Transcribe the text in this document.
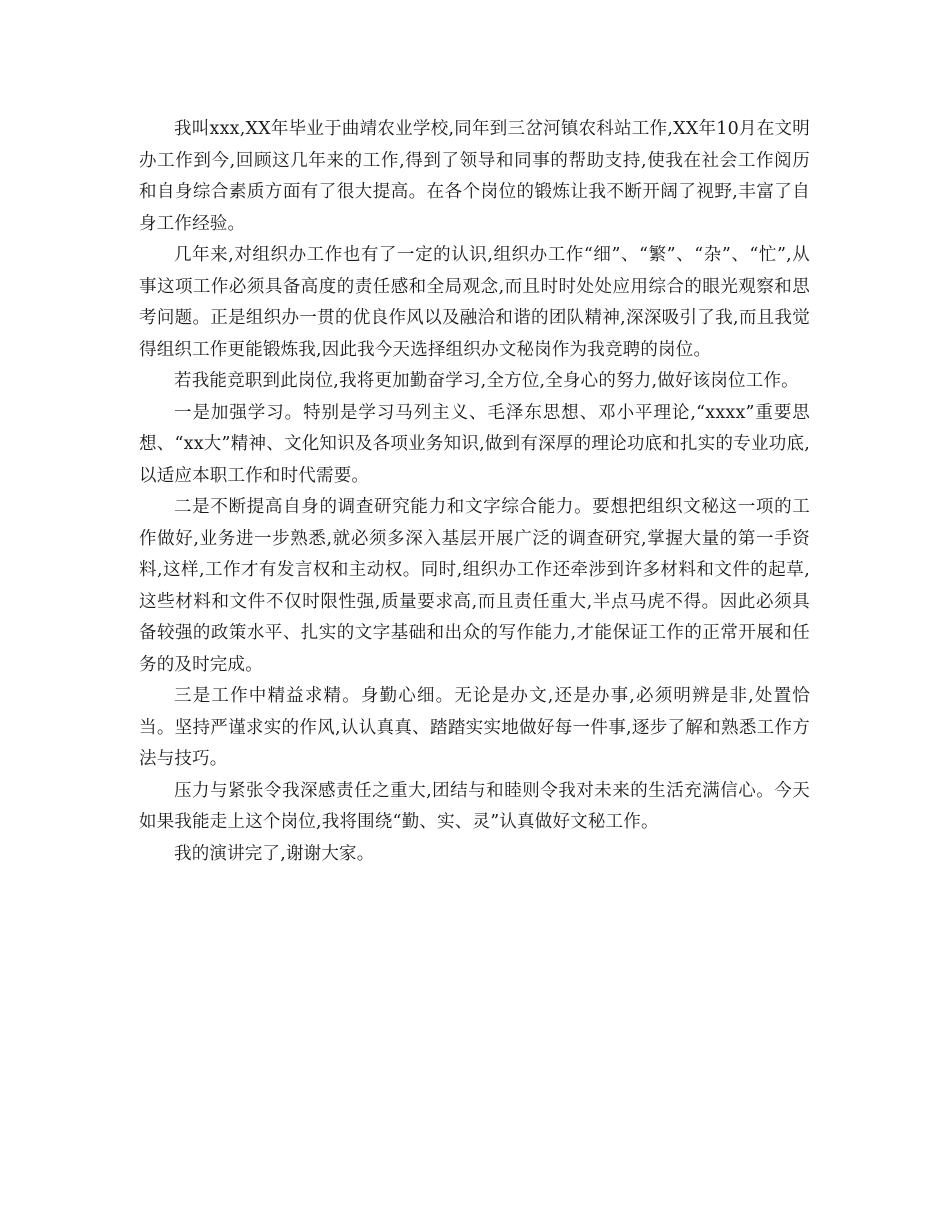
我叫xxx,XX年毕业于曲靖农业学校,同年到三岔河镇农科站工作,XX年10月在文明办工作到今,回顾这几年来的工作,得到了领导和同事的帮助支持,使我在社会工作阅历和自身综合素质方面有了很大提高。在各个岗位的锻炼让我不断开阔了视野,丰富了自身工作经验。

几年来,对组织办工作也有了一定的认识,组织办工作“细”、“繁”、“杂”、“忙”,从事这项工作必须具备高度的责任感和全局观念,而且时时处处应用综合的眼光观察和思考问题。正是组织办一贯的优良作风以及融洽和谐的团队精神,深深吸引了我,而且我觉得组织工作更能锻炼我,因此我今天选择组织办文秘岗作为我竞聘的岗位。

若我能竞职到此岗位,我将更加勤奋学习,全方位,全身心的努力,做好该岗位工作。

一是加强学习。特别是学习马列主义、毛泽东思想、邓小平理论,“xxxx”重要思想、“xx大”精神、文化知识及各项业务知识,做到有深厚的理论功底和扎实的专业功底,以适应本职工作和时代需要。

二是不断提高自身的调查研究能力和文字综合能力。要想把组织文秘这一项的工作做好,业务进一步熟悉,就必须多深入基层开展广泛的调查研究,掌握大量的第一手资料,这样,工作才有发言权和主动权。同时,组织办工作还牵涉到许多材料和文件的起草,这些材料和文件不仅时限性强,质量要求高,而且责任重大,半点马虎不得。因此必须具备较强的政策水平、扎实的文字基础和出众的写作能力,才能保证工作的正常开展和任务的及时完成。

三是工作中精益求精。身勤心细。无论是办文,还是办事,必须明辨是非,处置恰当。坚持严谨求实的作风,认认真真、踏踏实实地做好每一件事,逐步了解和熟悉工作方法与技巧。

压力与紧张令我深感责任之重大,团结与和睦则令我对未来的生活充满信心。今天如果我能走上这个岗位,我将围绕“勤、实、灵”认真做好文秘工作。

我的演讲完了,谢谢大家。
